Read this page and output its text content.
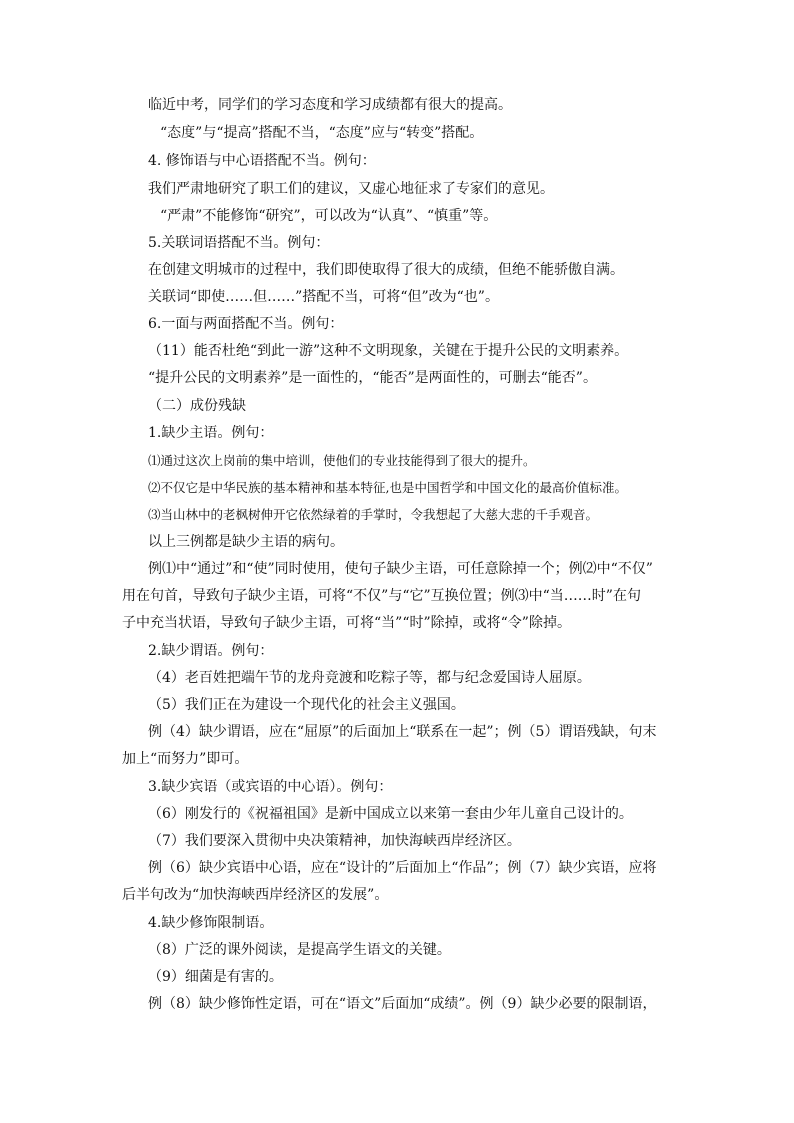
临近中考，同学们的学习态度和学习成绩都有很大的提高。
“态度”与“提高”搭配不当，“态度”应与“转变”搭配。
4. 修饰语与中心语搭配不当。例句：
我们严肃地研究了职工们的建议，又虚心地征求了专家们的意见。
“严肃”不能修饰“研究”，可以改为“认真”、“慎重”等。
5.关联词语搭配不当。例句：
在创建文明城市的过程中，我们即使取得了很大的成绩，但绝不能骄傲自满。
关联词“即使……但……”搭配不当，可将“但”改为“也”。
6.一面与两面搭配不当。例句：
（11）能否杜绝“到此一游”这种不文明现象，关键在于提升公民的文明素养。
“提升公民的文明素养”是一面性的，“能否”是两面性的，可删去“能否”。
（二）成份残缺
1.缺少主语。例句：
⑴通过这次上岗前的集中培训，使他们的专业技能得到了很大的提升。
⑵不仅它是中华民族的基本精神和基本特征,也是中国哲学和中国文化的最高价值标准。
⑶当山林中的老枫树伸开它依然绿着的手掌时，令我想起了大慈大悲的千手观音。
以上三例都是缺少主语的病句。
例⑴中“通过”和“使”同时使用，使句子缺少主语，可任意除掉一个；例⑵中“不仅”
用在句首，导致句子缺少主语，可将“不仅”与“它”互换位置；例⑶中“当……时”在句
子中充当状语，导致句子缺少主语，可将“当”“时”除掉，或将“令”除掉。
2.缺少谓语。例句：
（4）老百姓把端午节的龙舟竞渡和吃粽子等，都与纪念爱国诗人屈原。
（5）我们正在为建设一个现代化的社会主义强国。
例（4）缺少谓语，应在“屈原”的后面加上“联系在一起”；例（5）谓语残缺，句末
加上“而努力”即可。
3.缺少宾语（或宾语的中心语）。例句：
（6）刚发行的《祝福祖国》是新中国成立以来第一套由少年儿童自己设计的。
（7）我们要深入贯彻中央决策精神，加快海峡西岸经济区。
例（6）缺少宾语中心语，应在“设计的”后面加上“作品”；例（7）缺少宾语，应将
后半句改为“加快海峡西岸经济区的发展”。
4.缺少修饰限制语。
（8）广泛的课外阅读，是提高学生语文的关键。
（9）细菌是有害的。
例（8）缺少修饰性定语，可在“语文”后面加“成绩”。例（9）缺少必要的限制语，
